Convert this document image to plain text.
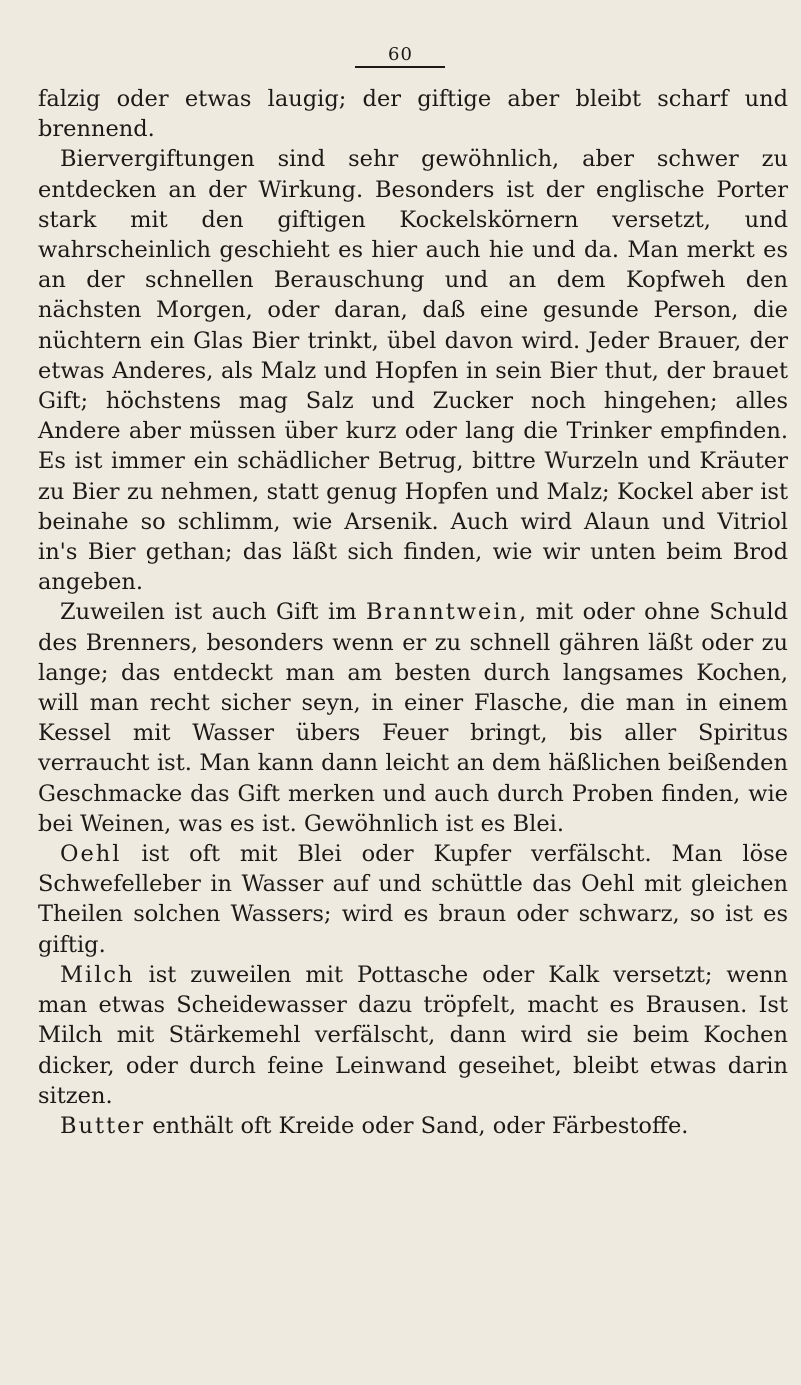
60

falzig oder etwas laugig; der giftige aber bleibt scharf und brennend.

Biervergiftungen sind sehr gewöhnlich, aber schwer zu entdecken an der Wirkung. Besonders ist der englische Porter stark mit den giftigen Kockelskörnern versetzt, und wahrscheinlich geschieht es hier auch hie und da. Man merkt es an der schnellen Berauschung und an dem Kopfweh den nächsten Morgen, oder daran, daß eine gesunde Person, die nüchtern ein Glas Bier trinkt, übel davon wird. Jeder Brauer, der etwas Anderes, als Malz und Hopfen in sein Bier thut, der brauet Gift; höchstens mag Salz und Zucker noch hingehen; alles Andere aber müssen über kurz oder lang die Trinker empfinden. Es ist immer ein schädlicher Betrug, bittre Wurzeln und Kräuter zu Bier zu nehmen, statt genug Hopfen und Malz; Kockel aber ist beinahe so schlimm, wie Arsenik. Auch wird Alaun und Vitriol in's Bier gethan; das läßt sich finden, wie wir unten beim Brod angeben.

Zuweilen ist auch Gift im Branntwein, mit oder ohne Schuld des Brenners, besonders wenn er zu schnell gähren läßt oder zu lange; das entdeckt man am besten durch langsames Kochen, will man recht sicher seyn, in einer Flasche, die man in einem Kessel mit Wasser übers Feuer bringt, bis aller Spiritus verraucht ist. Man kann dann leicht an dem häßlichen beißenden Geschmacke das Gift merken und auch durch Proben finden, wie bei Weinen, was es ist. Gewöhnlich ist es Blei.

Oehl ist oft mit Blei oder Kupfer verfälscht. Man löse Schwefelleber in Wasser auf und schüttle das Oehl mit gleichen Theilen solchen Wassers; wird es braun oder schwarz, so ist es giftig.

Milch ist zuweilen mit Pottasche oder Kalk versetzt; wenn man etwas Scheidewasser dazu tröpfelt, macht es Brausen. Ist Milch mit Stärkemehl verfälscht, dann wird sie beim Kochen dicker, oder durch feine Leinwand geseihet, bleibt etwas darin sitzen.

Butter enthält oft Kreide oder Sand, oder Färbestoffe.
